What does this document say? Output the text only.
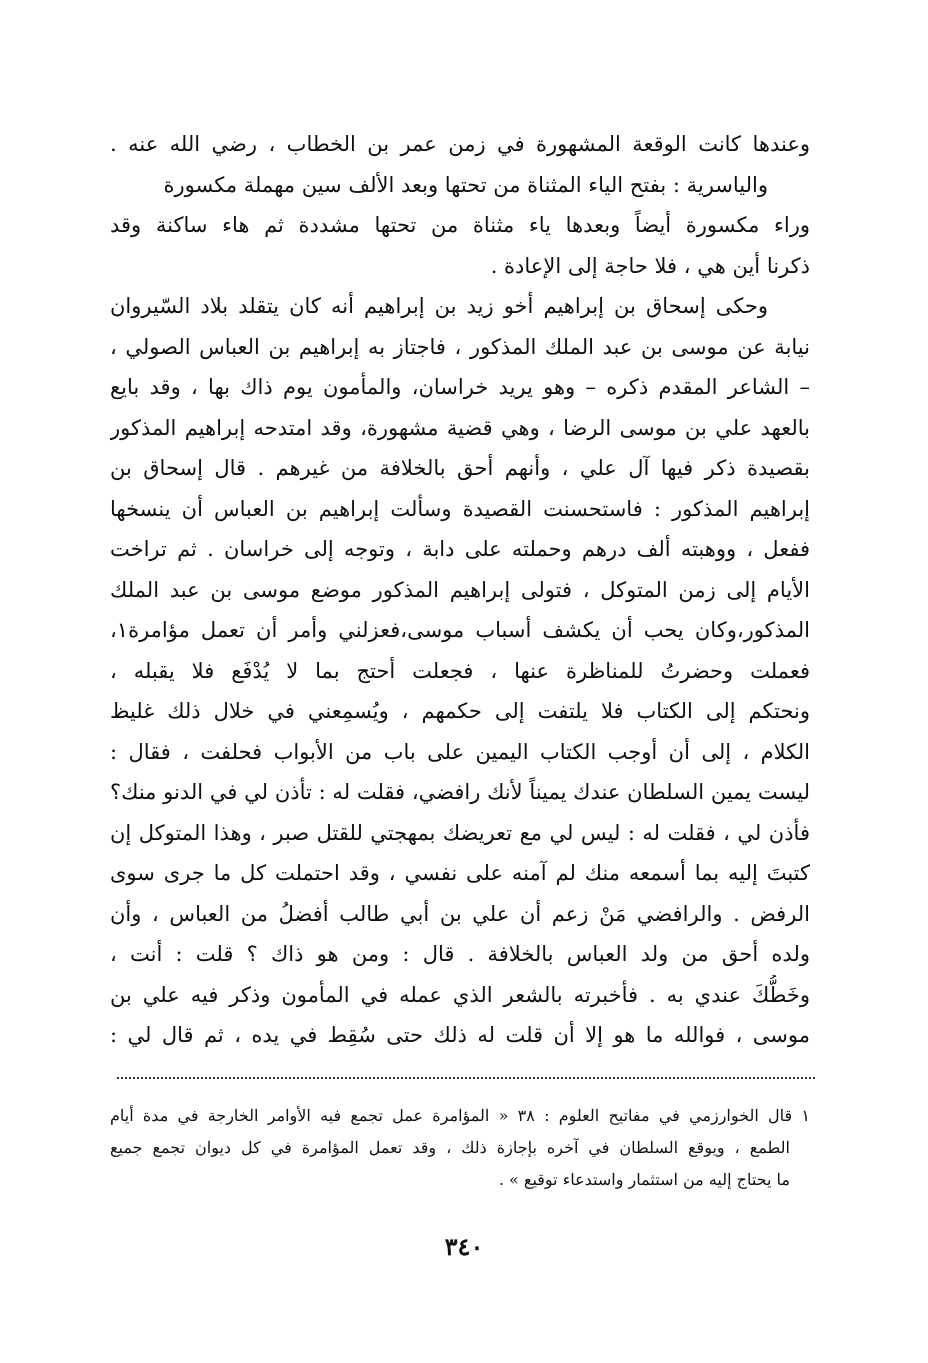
وعندها كانت الوقعة المشهورة في زمن عمر بن الخطاب ، رضي الله عنه .
والياسرية : بفتح الياء المثناة من تحتها وبعد الألف سين مهملة مكسورة
وراء مكسورة أيضاً وبعدها ياء مثناة من تحتها مشددة ثم هاء ساكنة وقد
ذكرنا أين هي ، فلا حاجة إلى الإعادة .
وحكى إسحاق بن إبراهيم أخو زيد بن إبراهيم أنه كان يتقلد بلاد السّيروان
نيابة عن موسى بن عبد الملك المذكور ، فاجتاز به إبراهيم بن العباس الصولي ،
– الشاعر المقدم ذكره – وهو يريد خراسان، والمأمون يوم ذاك بها ، وقد بايع
بالعهد علي بن موسى الرضا ، وهي قضية مشهورة، وقد امتدحه إبراهيم المذكور
بقصيدة ذكر فيها آل علي ، وأنهم أحق بالخلافة من غيرهم . قال إسحاق بن
إبراهيم المذكور : فاستحسنت القصيدة وسألت إبراهيم بن العباس أن ينسخها
ففعل ، ووهبته ألف درهم وحملته على دابة ، وتوجه إلى خراسان . ثم تراخت
الأيام إلى زمن المتوكل ، فتولى إبراهيم المذكور موضع موسى بن عبد الملك
المذكور،وكان يحب أن يكشف أسباب موسى،فعزلني وأمر أن تعمل مؤامرة١،
فعملت وحضرتُ للمناظرة عنها ، فجعلت أحتج بما لا يُدْفَع فلا يقبله ،
ونحتكم إلى الكتاب فلا يلتفت إلى حكمهم ، ويُسمِعني في خلال ذلك غليظ
الكلام ، إلى أن أوجب الكتاب اليمين على باب من الأبواب فحلفت ، فقال :
ليست يمين السلطان عندك يميناً لأنك رافضي، فقلت له : تأذن لي في الدنو منك؟
فأذن لي ، فقلت له : ليس لي مع تعريضك بمهجتي للقتل صبر ، وهذا المتوكل إن
كتبتَ إليه بما أسمعه منك لم آمنه على نفسي ، وقد احتملت كل ما جرى سوى
الرفض . والرافضي مَنْ زعم أن علي بن أبي طالب أفضلُ من العباس ، وأن
ولده أحق من ولد العباس بالخلافة . قال : ومن هو ذاك ؟ قلت : أنت ،
وخَطُّكَ عندي به . فأخبرته بالشعر الذي عمله في المأمون وذكر فيه علي بن
موسى ، فوالله ما هو إلا أن قلت له ذلك حتى سُقِط في يده ، ثم قال لي :
١ قال الخوارزمي في مفاتيح العلوم : ٣٨ « المؤامرة عمل تجمع فيه الأوامر الخارجة في مدة أيام
الطمع ، ويوقع السلطان في آخره بإجازة ذلك ، وقد تعمل المؤامرة في كل ديوان تجمع جميع
ما يحتاج إليه من استثمار واستدعاء توقيع » .
٣٤٠
